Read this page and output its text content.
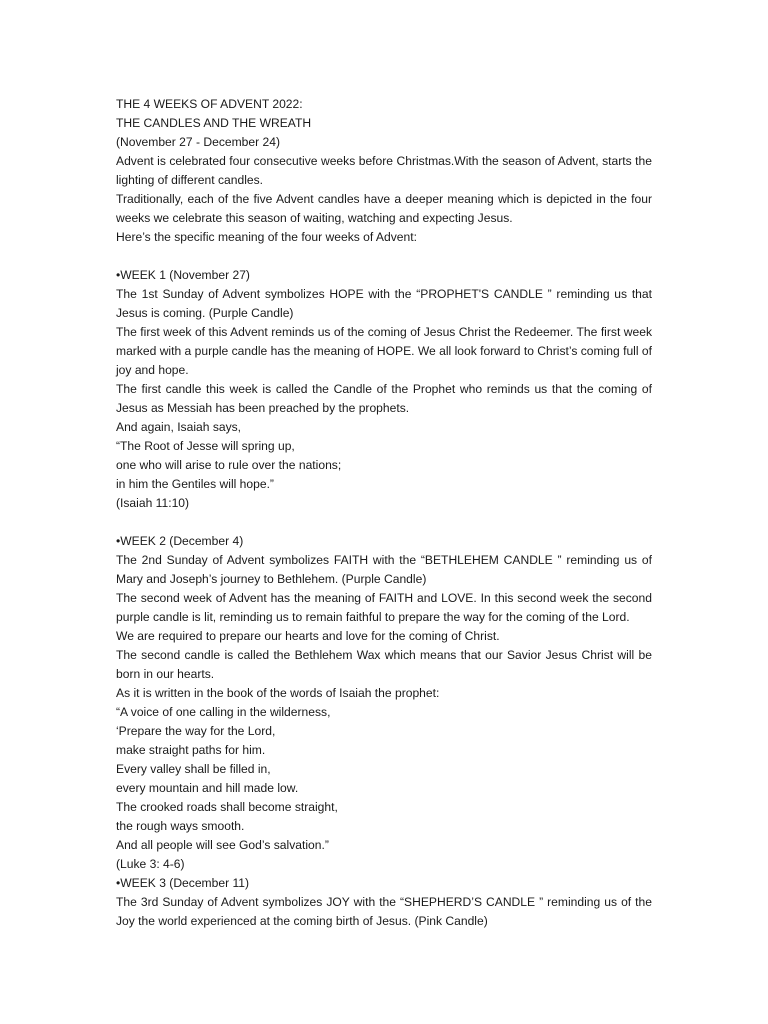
THE 4 WEEKS OF ADVENT 2022:
THE CANDLES AND THE WREATH
(November 27 - December 24)
Advent is celebrated four consecutive weeks before Christmas.With the season of Advent, starts the lighting of different candles.
Traditionally, each of the five Advent candles have a deeper meaning which is depicted in the four weeks we celebrate this season of waiting, watching and expecting Jesus.
Here’s the specific meaning of the four weeks of Advent:
•WEEK 1 (November 27)
The 1st Sunday of Advent symbolizes HOPE with the “PROPHET'S CANDLE ” reminding us that Jesus is coming. (Purple Candle)
The first week of this Advent reminds us of the coming of Jesus Christ the Redeemer. The first week marked with a purple candle has the meaning of HOPE. We all look forward to Christ’s coming full of joy and hope.
The first candle this week is called the Candle of the Prophet who reminds us that the coming of Jesus as Messiah has been preached by the prophets.
And again, Isaiah says,
“The Root of Jesse will spring up,
one who will arise to rule over the nations;
in him the Gentiles will hope.”
(Isaiah 11:10)
•WEEK 2 (December 4)
The 2nd Sunday of Advent symbolizes FAITH with the “BETHLEHEM CANDLE ” reminding us of Mary and Joseph’s journey to Bethlehem. (Purple Candle)
The second week of Advent has the meaning of FAITH and LOVE. In this second week the second purple candle is lit, reminding us to remain faithful to prepare the way for the coming of the Lord.
We are required to prepare our hearts and love for the coming of Christ.
The second candle is called the Bethlehem Wax which means that our Savior Jesus Christ will be born in our hearts.
As it is written in the book of the words of Isaiah the prophet:
“A voice of one calling in the wilderness,
‘Prepare the way for the Lord,
make straight paths for him.
Every valley shall be filled in,
every mountain and hill made low.
The crooked roads shall become straight,
the rough ways smooth.
And all people will see God’s salvation.”
(Luke 3: 4-6)
•WEEK 3 (December 11)
The 3rd Sunday of Advent symbolizes JOY with the “SHEPHERD’S CANDLE ” reminding us of the Joy the world experienced at the coming birth of Jesus. (Pink Candle)
